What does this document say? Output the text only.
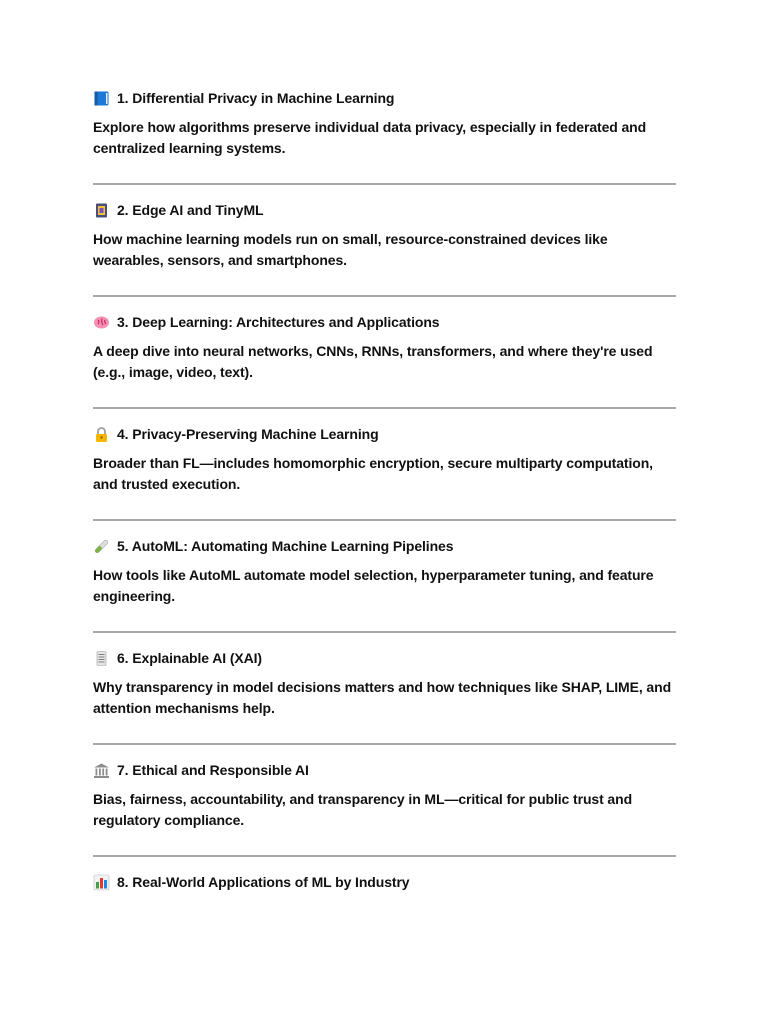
1. Differential Privacy in Machine Learning
Explore how algorithms preserve individual data privacy, especially in federated and centralized learning systems.
2. Edge AI and TinyML
How machine learning models run on small, resource-constrained devices like wearables, sensors, and smartphones.
3. Deep Learning: Architectures and Applications
A deep dive into neural networks, CNNs, RNNs, transformers, and where they're used (e.g., image, video, text).
4. Privacy-Preserving Machine Learning
Broader than FL—includes homomorphic encryption, secure multiparty computation, and trusted execution.
5. AutoML: Automating Machine Learning Pipelines
How tools like AutoML automate model selection, hyperparameter tuning, and feature engineering.
6. Explainable AI (XAI)
Why transparency in model decisions matters and how techniques like SHAP, LIME, and attention mechanisms help.
7. Ethical and Responsible AI
Bias, fairness, accountability, and transparency in ML—critical for public trust and regulatory compliance.
8. Real-World Applications of ML by Industry
